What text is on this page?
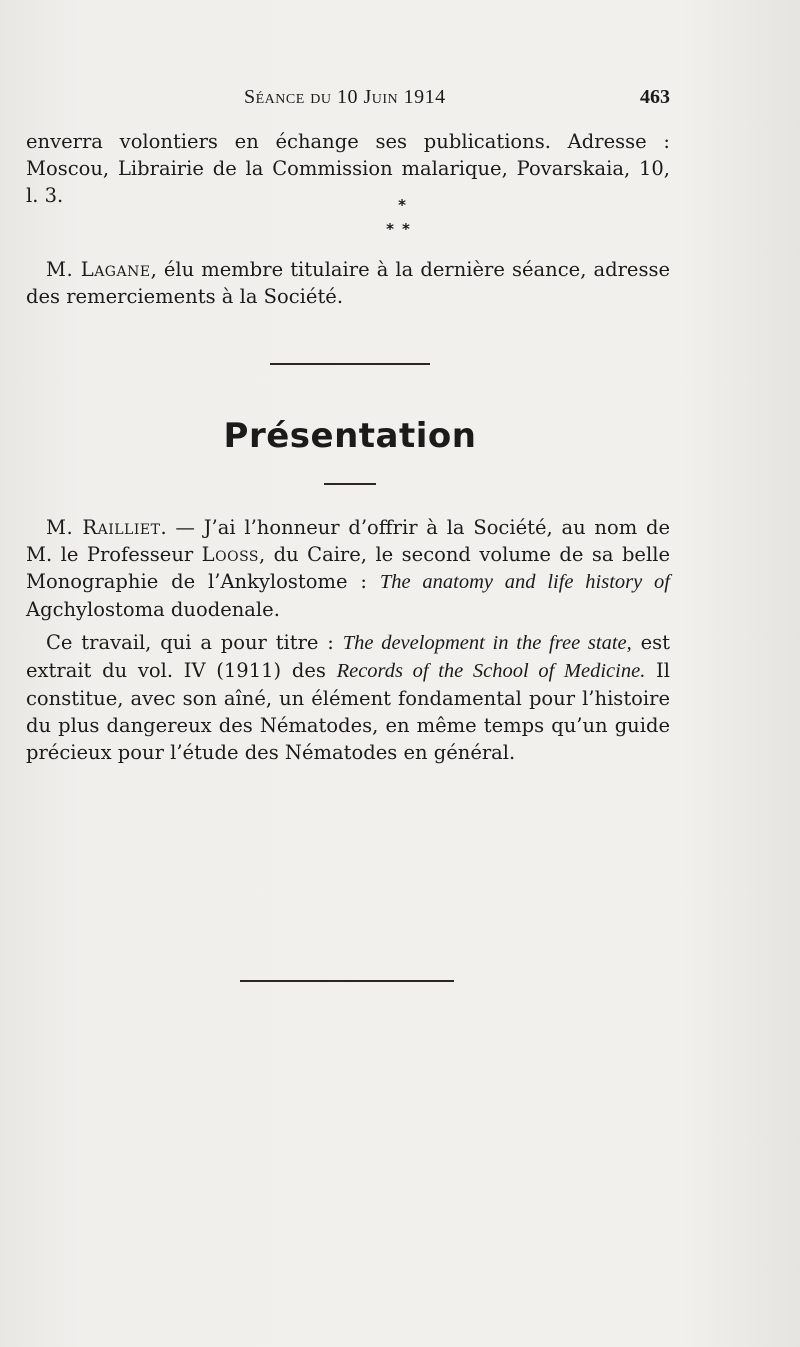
Séance du 10 Juin 1914	463

enverra volontiers en échange ses publications. Adresse : Moscou, Librairie de la Commission malarique, Povarskaia, 10, l. 3.	*
**

M. Lagane, élu membre titulaire à la dernière séance, adresse des remerciements à la Société.

Présentation

M. Railliet. — J’ai l’honneur d’offrir à la Société, au nom de M. le Professeur Looss, du Caire, le second volume de sa belle Monographie de l’Ankylostome : The anatomy and life history of Agchylostoma duodenale.

Ce travail, qui a pour titre : The development in the free state, est extrait du vol. IV (1911) des Records of the School of Medicine. Il constitue, avec son aîné, un élément fondamental pour l’histoire du plus dangereux des Nématodes, en même temps qu’un guide précieux pour l’étude des Nématodes en général.
